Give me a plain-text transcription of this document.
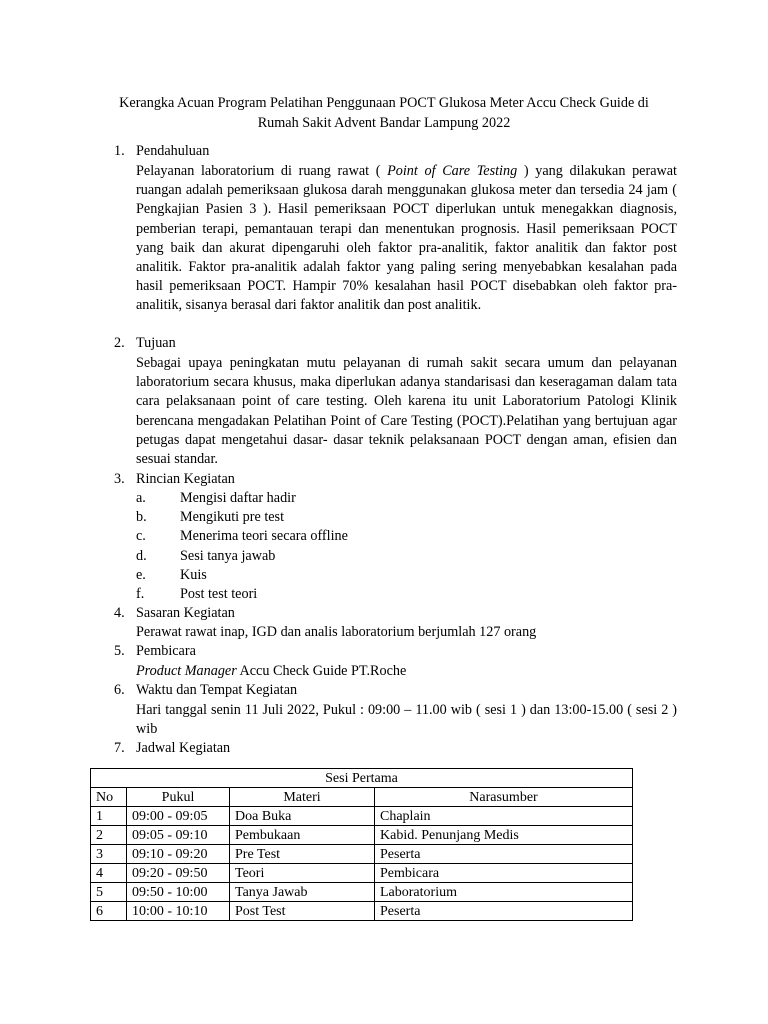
Kerangka Acuan Program Pelatihan Penggunaan POCT Glukosa Meter Accu Check Guide di
Rumah Sakit Advent Bandar Lampung 2022
1. Pendahuluan

Pelayanan laboratorium di ruang rawat ( Point of Care Testing ) yang dilakukan perawat ruangan adalah pemeriksaan glukosa darah menggunakan glukosa meter dan tersedia 24 jam ( Pengkajian Pasien 3 ). Hasil pemeriksaan POCT diperlukan untuk menegakkan diagnosis, pemberian terapi, pemantauan terapi dan menentukan prognosis. Hasil pemeriksaan POCT yang baik dan akurat dipengaruhi oleh faktor pra-analitik, faktor analitik dan faktor post analitik. Faktor pra-analitik adalah faktor yang paling sering menyebabkan kesalahan pada hasil pemeriksaan POCT. Hampir 70% kesalahan hasil POCT disebabkan oleh faktor pra-analitik, sisanya berasal dari faktor analitik dan post analitik.

2. Tujuan

Sebagai upaya peningkatan mutu pelayanan di rumah sakit secara umum dan pelayanan laboratorium secara khusus, maka diperlukan adanya standarisasi dan keseragaman dalam tata cara pelaksanaan point of care testing. Oleh karena itu unit Laboratorium Patologi Klinik berencana mengadakan Pelatihan Point of Care Testing (POCT).Pelatihan yang bertujuan agar petugas dapat mengetahui dasar- dasar teknik pelaksanaan POCT dengan aman, efisien dan sesuai standar.

3. Rincian Kegiatan
a. Mengisi daftar hadir
b. Mengikuti pre test
c. Menerima teori secara offline
d. Sesi tanya jawab
e. Kuis
f.	Post test teori
4. Sasaran Kegiatan
Perawat rawat inap, IGD dan analis laboratorium berjumlah 127 orang
5. Pembicara
Product Manager Accu Check Guide PT.Roche
6. Waktu dan Tempat Kegiatan

Hari tanggal senin 11 Juli 2022, Pukul : 09:00 – 11.00 wib ( sesi 1 ) dan 13:00-15.00 ( sesi 2 ) wib

7. Jadwal Kegiatan
Sesi Pertama			
No	Pukul	Materi	Narasumber
1	09:00 - 09:05	Doa Buka	Chaplain
2	09:05 - 09:10	Pembukaan	Kabid. Penunjang Medis
3	09:10 - 09:20	Pre Test	Peserta
4	09:20 - 09:50	Teori	Pembicara
5	09:50 - 10:00	Tanya Jawab	Laboratorium
6	10:00 - 10:10	Post Test	Peserta
